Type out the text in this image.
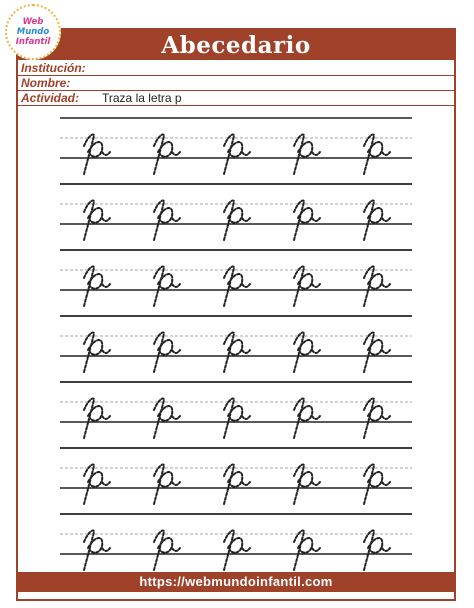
Abecedario
Web
Mundo
Infantil
Institución:
Nombre:
Actividad: Traza la letra p
https://webmundoinfantil.com
